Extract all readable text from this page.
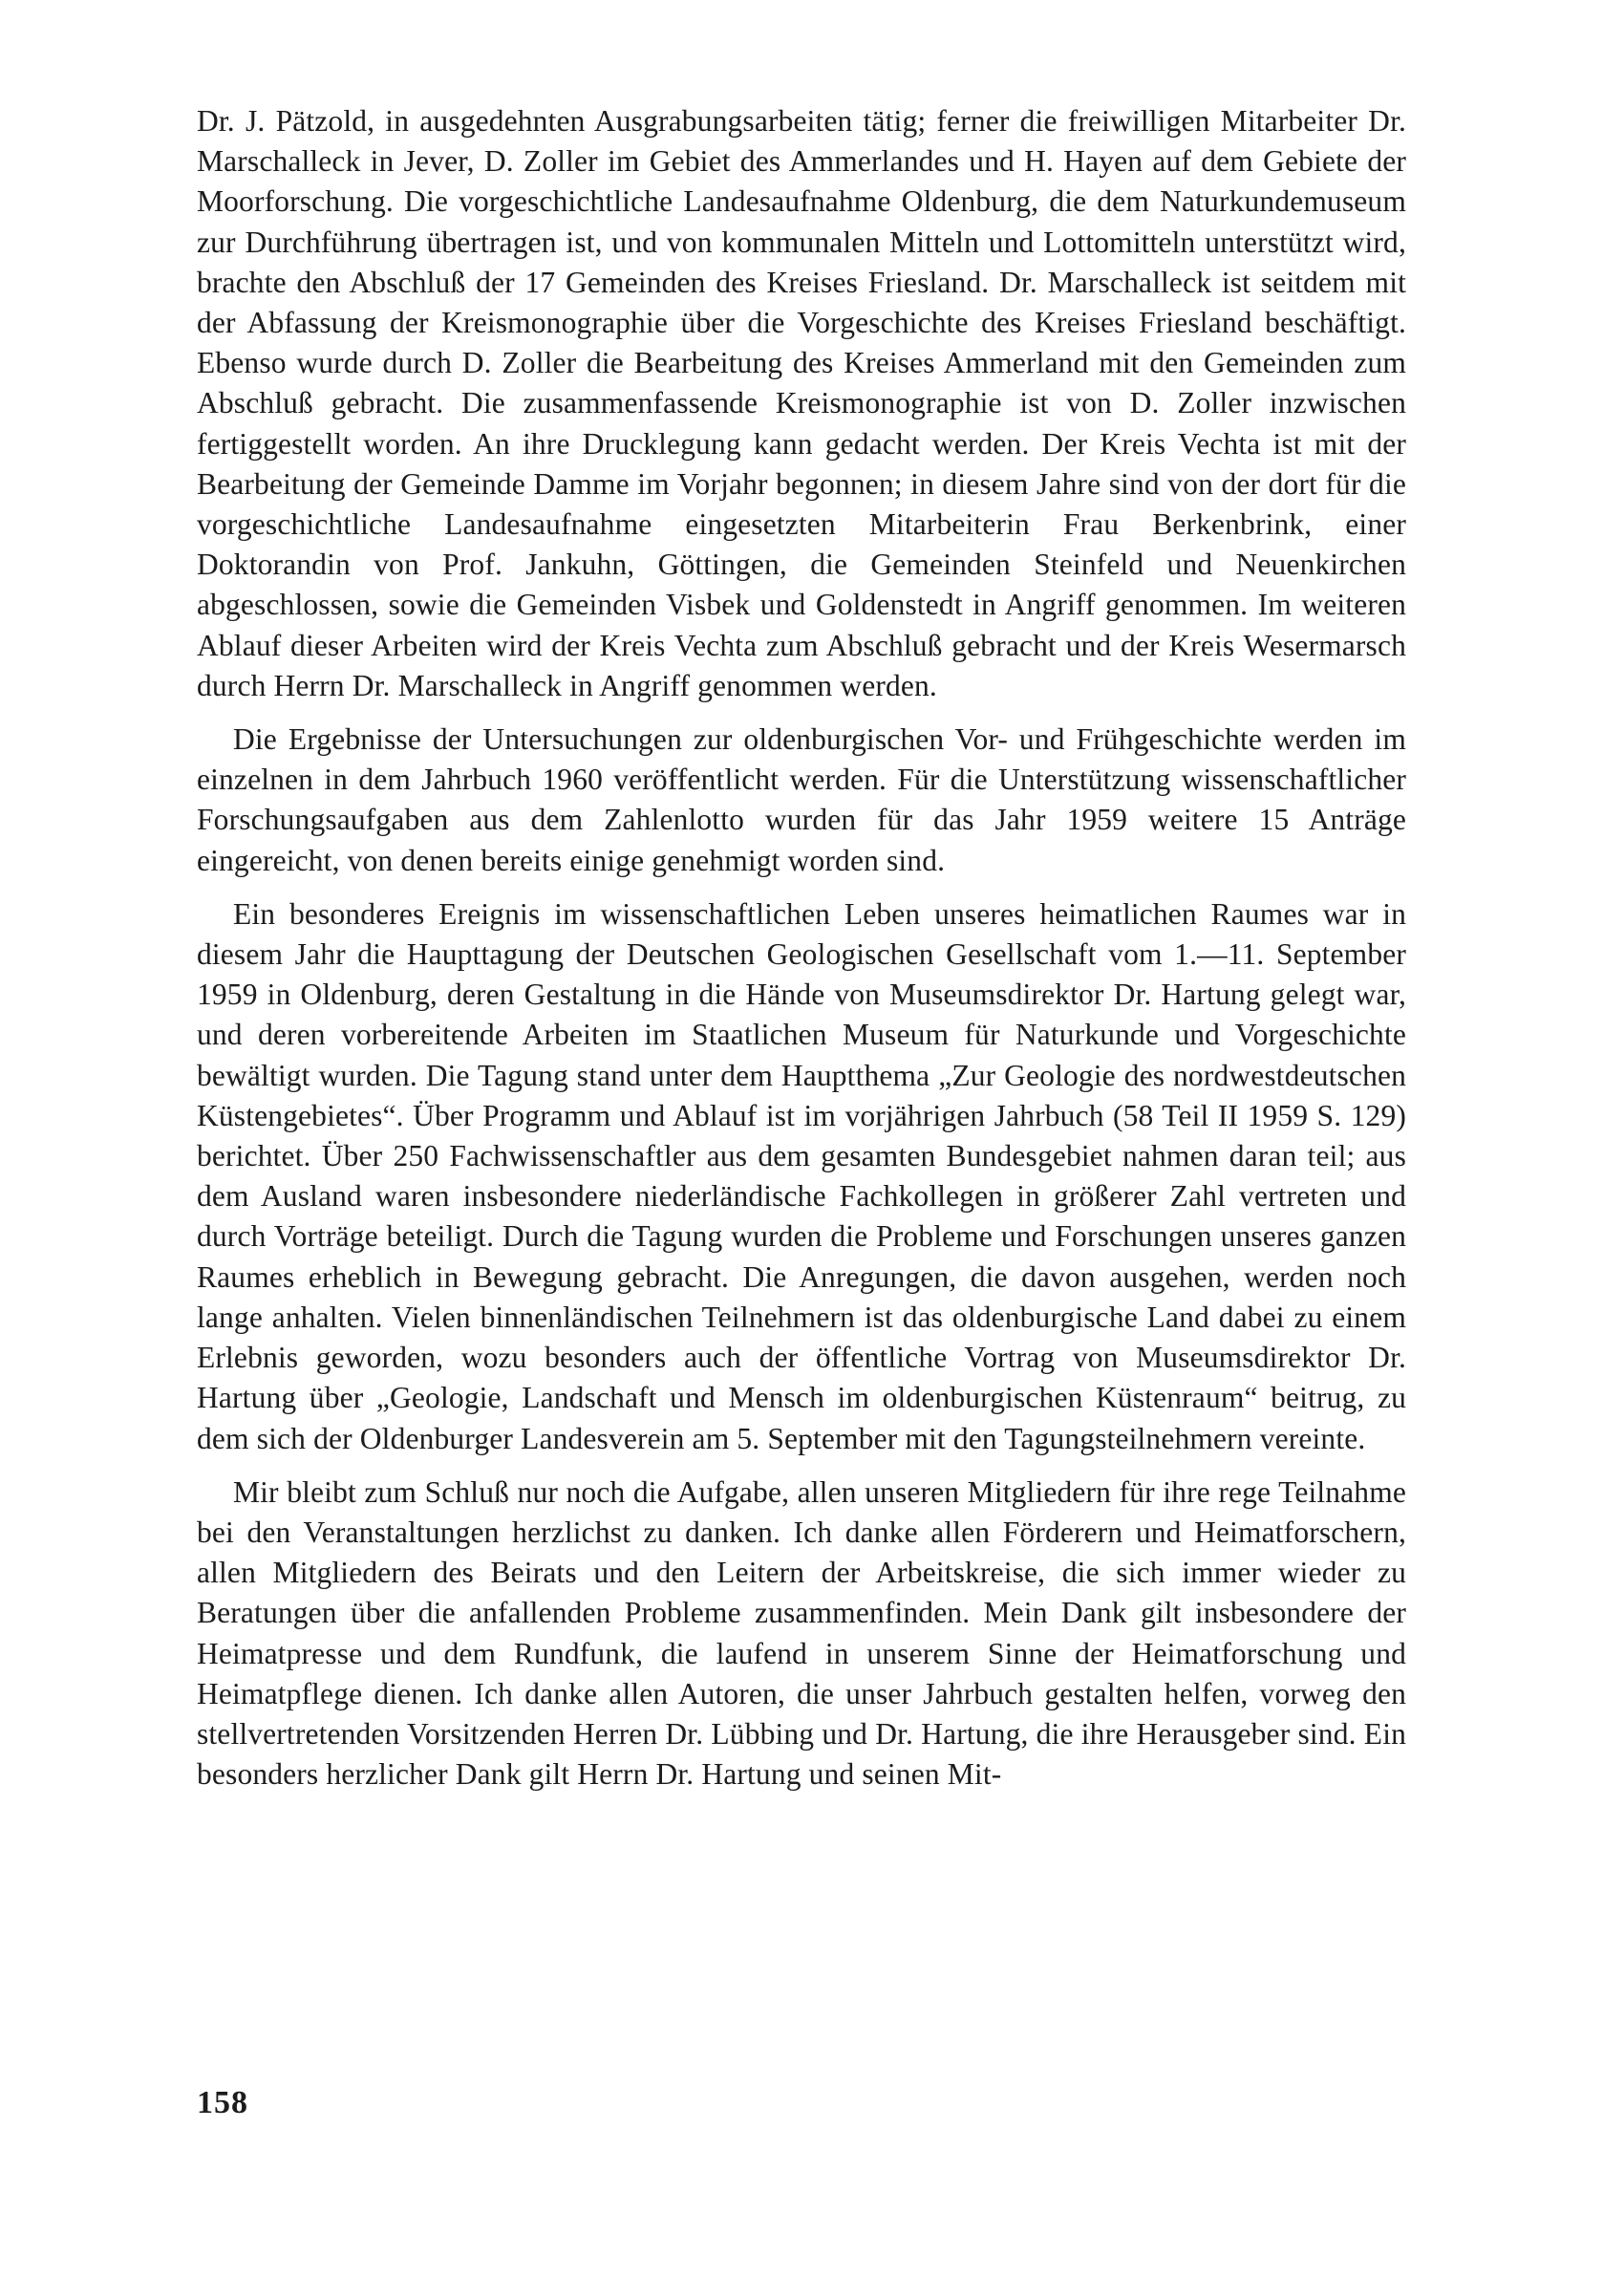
Dr. J. Pätzold, in ausgedehnten Ausgrabungsarbeiten tätig; ferner die freiwilligen Mitarbeiter Dr. Marschalleck in Jever, D. Zoller im Gebiet des Ammerlandes und H. Hayen auf dem Gebiete der Moorforschung. Die vorgeschichtliche Landesaufnahme Oldenburg, die dem Naturkundemuseum zur Durchführung übertragen ist, und von kommunalen Mitteln und Lottomitteln unterstützt wird, brachte den Abschluß der 17 Gemeinden des Kreises Friesland. Dr. Marschalleck ist seitdem mit der Abfassung der Kreismonographie über die Vorgeschichte des Kreises Friesland beschäftigt. Ebenso wurde durch D. Zoller die Bearbeitung des Kreises Ammerland mit den Gemeinden zum Abschluß gebracht. Die zusammenfassende Kreismonographie ist von D. Zoller inzwischen fertiggestellt worden. An ihre Drucklegung kann gedacht werden. Der Kreis Vechta ist mit der Bearbeitung der Gemeinde Damme im Vorjahr begonnen; in diesem Jahre sind von der dort für die vorgeschichtliche Landesaufnahme eingesetzten Mitarbeiterin Frau Berkenbrink, einer Doktorandin von Prof. Jankuhn, Göttingen, die Gemeinden Steinfeld und Neuenkirchen abgeschlossen, sowie die Gemeinden Visbek und Goldenstedt in Angriff genommen. Im weiteren Ablauf dieser Arbeiten wird der Kreis Vechta zum Abschluß gebracht und der Kreis Wesermarsch durch Herrn Dr. Marschalleck in Angriff genommen werden.

Die Ergebnisse der Untersuchungen zur oldenburgischen Vor- und Frühgeschichte werden im einzelnen in dem Jahrbuch 1960 veröffentlicht werden. Für die Unterstützung wissenschaftlicher Forschungsaufgaben aus dem Zahlenlotto wurden für das Jahr 1959 weitere 15 Anträge eingereicht, von denen bereits einige genehmigt worden sind.

Ein besonderes Ereignis im wissenschaftlichen Leben unseres heimatlichen Raumes war in diesem Jahr die Haupttagung der Deutschen Geologischen Gesellschaft vom 1.—11. September 1959 in Oldenburg, deren Gestaltung in die Hände von Museumsdirektor Dr. Hartung gelegt war, und deren vorbereitende Arbeiten im Staatlichen Museum für Naturkunde und Vorgeschichte bewältigt wurden. Die Tagung stand unter dem Hauptthema „Zur Geologie des nordwestdeutschen Küstengebietes“. Über Programm und Ablauf ist im vorjährigen Jahrbuch (58 Teil II 1959 S. 129) berichtet. Über 250 Fachwissenschaftler aus dem gesamten Bundesgebiet nahmen daran teil; aus dem Ausland waren insbesondere niederländische Fachkollegen in größerer Zahl vertreten und durch Vorträge beteiligt. Durch die Tagung wurden die Probleme und Forschungen unseres ganzen Raumes erheblich in Bewegung gebracht. Die Anregungen, die davon ausgehen, werden noch lange anhalten. Vielen binnenländischen Teilnehmern ist das oldenburgische Land dabei zu einem Erlebnis geworden, wozu besonders auch der öffentliche Vortrag von Museumsdirektor Dr. Hartung über „Geologie, Landschaft und Mensch im oldenburgischen Küstenraum“ beitrug, zu dem sich der Oldenburger Landesverein am 5. September mit den Tagungsteilnehmern vereinte.

Mir bleibt zum Schluß nur noch die Aufgabe, allen unseren Mitgliedern für ihre rege Teilnahme bei den Veranstaltungen herzlichst zu danken. Ich danke allen Förderern und Heimatforschern, allen Mitgliedern des Beirats und den Leitern der Arbeitskreise, die sich immer wieder zu Beratungen über die anfallenden Probleme zusammenfinden. Mein Dank gilt insbesondere der Heimatpresse und dem Rundfunk, die laufend in unserem Sinne der Heimatforschung und Heimatpflege dienen. Ich danke allen Autoren, die unser Jahrbuch gestalten helfen, vorweg den stellvertretenden Vorsitzenden Herren Dr. Lübbing und Dr. Hartung, die ihre Herausgeber sind. Ein besonders herzlicher Dank gilt Herrn Dr. Hartung und seinen Mit-

158
